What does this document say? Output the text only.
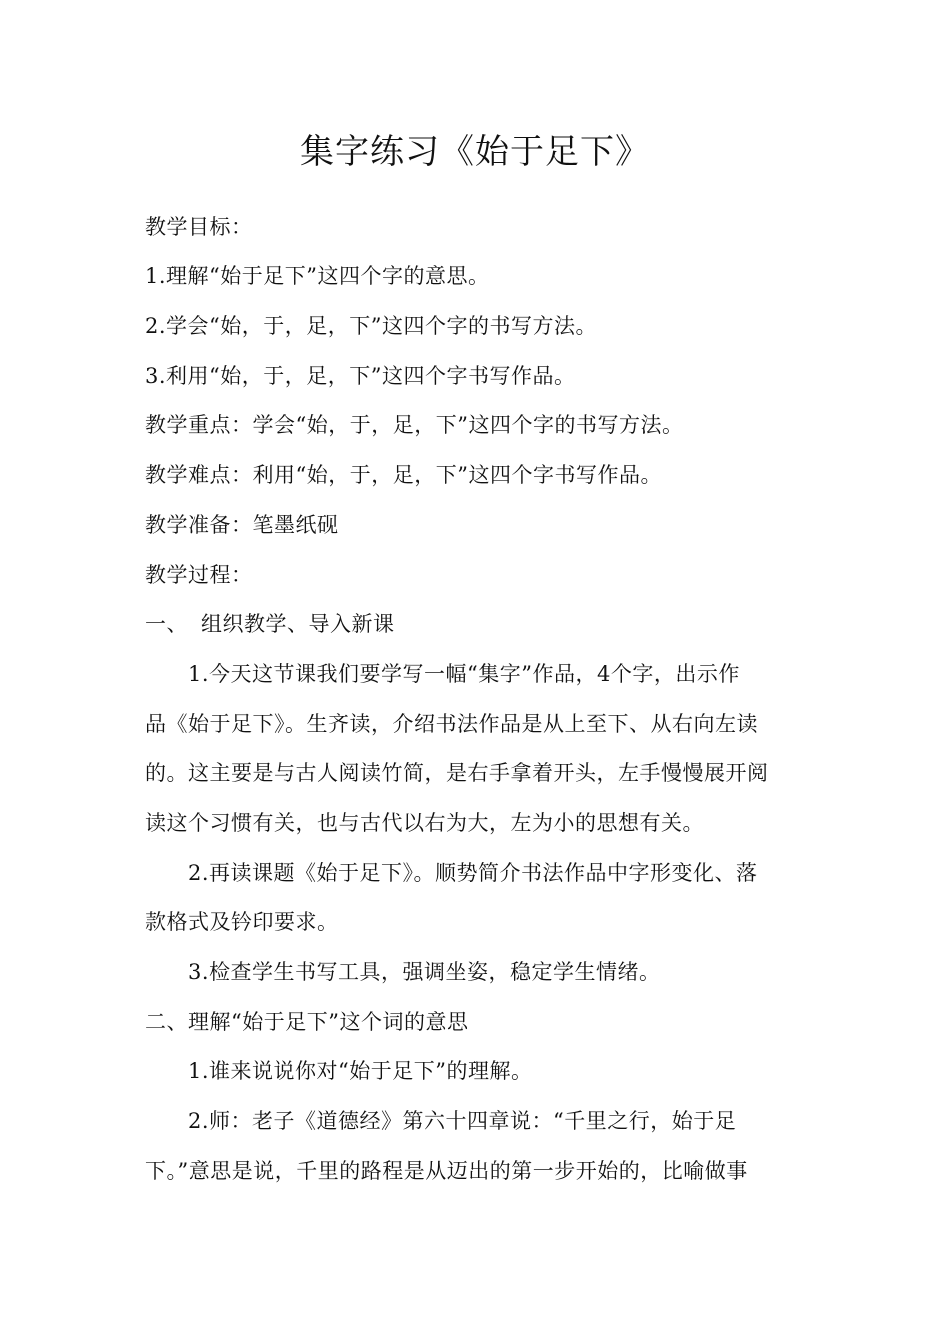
集字练习《始于足下》
教学目标：
1.理解“始于足下”这四个字的意思。
2.学会“始，于，足，下”这四个字的书写方法。
3.利用“始，于，足，下”这四个字书写作品。
教学重点：学会“始，于，足，下”这四个字的书写方法。
教学难点：利用“始，于，足，下”这四个字书写作品。
教学准备：笔墨纸砚
教学过程：
一、 组织教学、导入新课
1.今天这节课我们要学写一幅“集字”作品，4个字，出示作
品《始于足下》。生齐读，介绍书法作品是从上至下、从右向左读
的。这主要是与古人阅读竹简，是右手拿着开头，左手慢慢展开阅
读这个习惯有关，也与古代以右为大，左为小的思想有关。
2.再读课题《始于足下》。顺势简介书法作品中字形变化、落
款格式及钤印要求。
3.检查学生书写工具，强调坐姿，稳定学生情绪。
二、理解“始于足下”这个词的意思
1.谁来说说你对“始于足下”的理解。
2.师：老子《道德经》第六十四章说：“千里之行，始于足
下。”意思是说，千里的路程是从迈出的第一步开始的，比喻做事
